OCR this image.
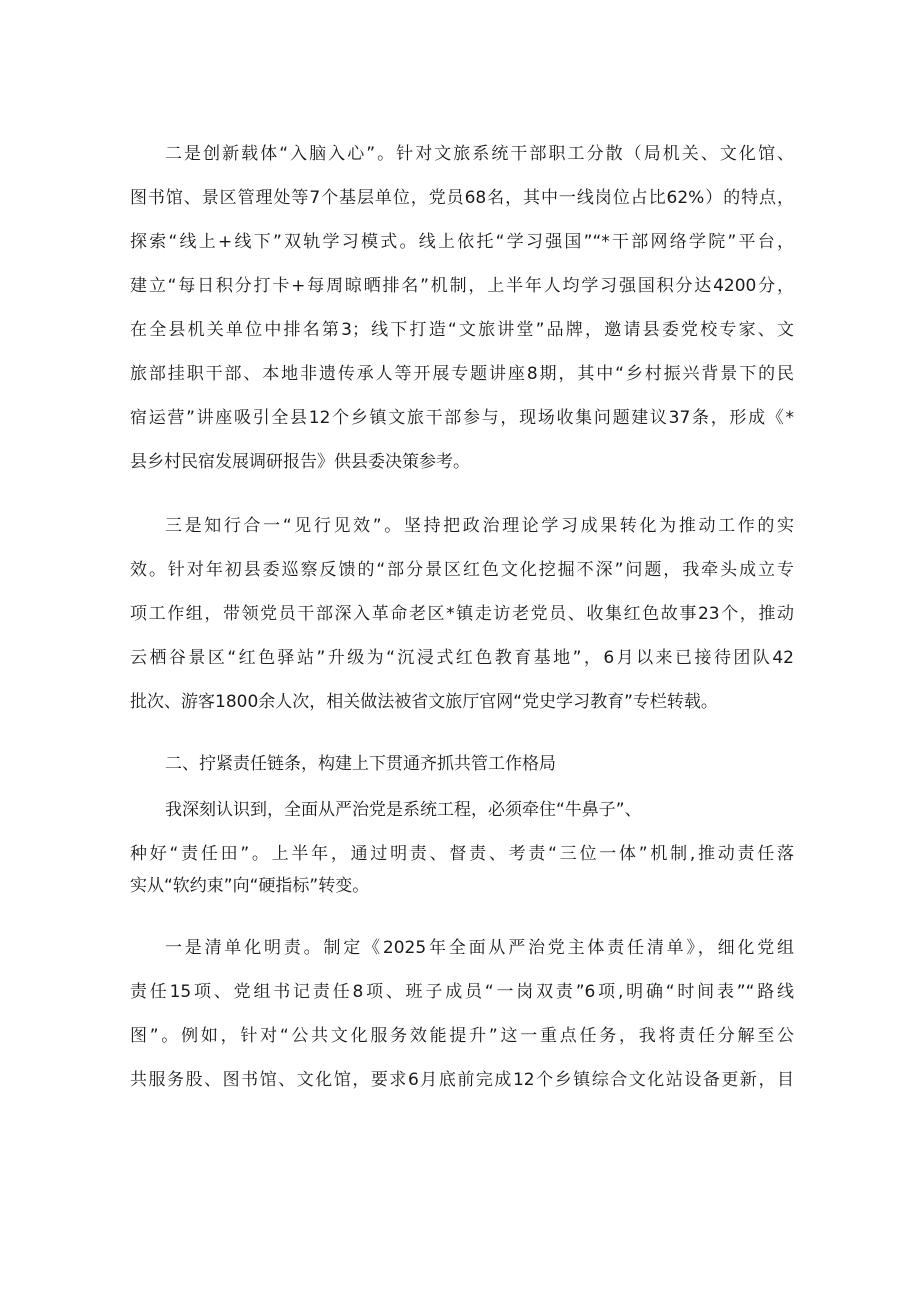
二是创新载体“入脑入心”。针对文旅系统干部职工分散（局机关、文化馆、
图书馆、景区管理处等7个基层单位，党员68名，其中一线岗位占比62%）的特点，
探索“线上+线下”双轨学习模式。线上依托“学习强国”“*干部网络学院”平台，
建立“每日积分打卡+每周晾晒排名”机制，上半年人均学习强国积分达4200分，
在全县机关单位中排名第3；线下打造“文旅讲堂”品牌，邀请县委党校专家、文
旅部挂职干部、本地非遗传承人等开展专题讲座8期，其中“乡村振兴背景下的民
宿运营”讲座吸引全县12个乡镇文旅干部参与，现场收集问题建议37条，形成《*
县乡村民宿发展调研报告》供县委决策参考。
三是知行合一“见行见效”。坚持把政治理论学习成果转化为推动工作的实
效。针对年初县委巡察反馈的“部分景区红色文化挖掘不深”问题，我牵头成立专
项工作组，带领党员干部深入革命老区*镇走访老党员、收集红色故事23个，推动
云栖谷景区“红色驿站”升级为“沉浸式红色教育基地”，6月以来已接待团队42
批次、游客1800余人次，相关做法被省文旅厅官网“党史学习教育”专栏转载。
二、拧紧责任链条，构建上下贯通齐抓共管工作格局
我深刻认识到，全面从严治党是系统工程，必须牵住“牛鼻子”、
种好“责任田”。上半年，通过明责、督责、考责“三位一体”机制,推动责任落
实从“软约束”向“硬指标”转变。
一是清单化明责。制定《2025年全面从严治党主体责任清单》，细化党组
责任15项、党组书记责任8项、班子成员“一岗双责”6项,明确“时间表”“路线
图”。例如，针对“公共文化服务效能提升”这一重点任务，我将责任分解至公
共服务股、图书馆、文化馆，要求6月底前完成12个乡镇综合文化站设备更新，目
